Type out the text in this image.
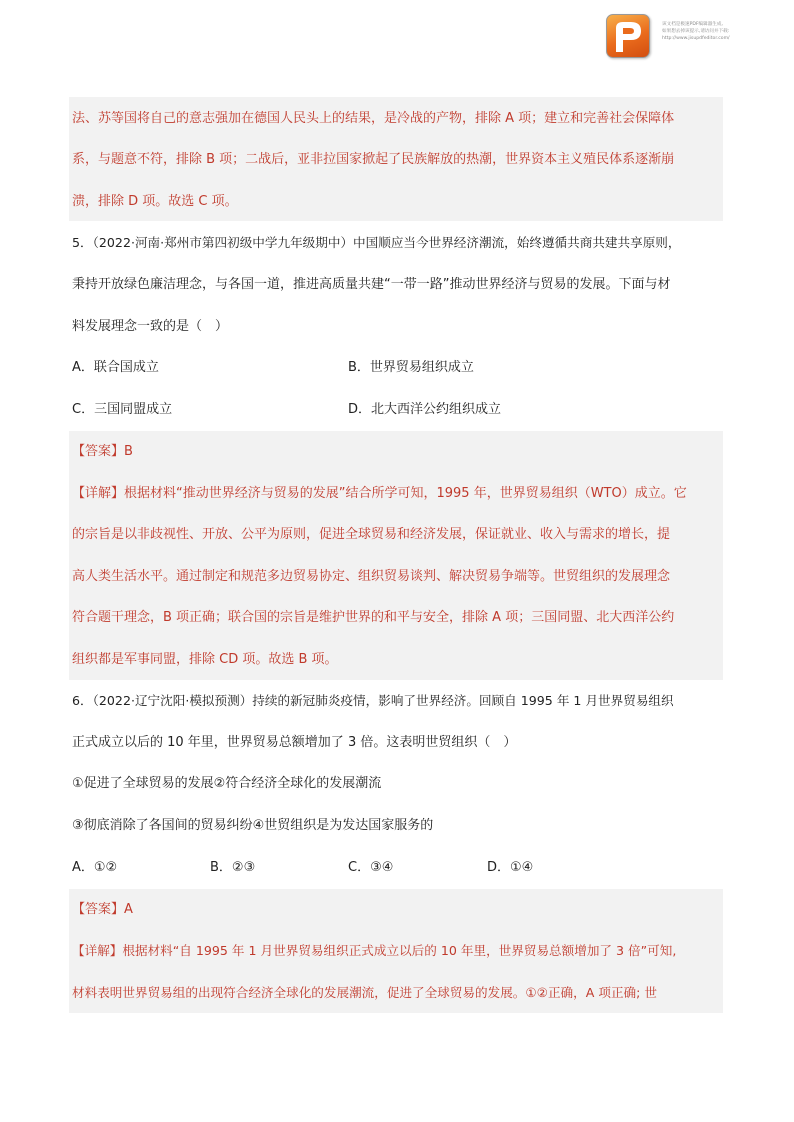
该文档是极速PDF编辑器生成,
如果想去掉该提示,请访问并下载:
http://www.jisupdfeditor.com/
法、苏等国将自己的意志强加在德国人民头上的结果，是冷战的产物，排除 A 项；建立和完善社会保障体
系，与题意不符，排除 B 项；二战后，亚非拉国家掀起了民族解放的热潮，世界资本主义殖民体系逐渐崩
溃，排除 D 项。故选 C 项。
5．（2022·河南·郑州市第四初级中学九年级期中）中国顺应当今世界经济潮流，始终遵循共商共建共享原则，
秉持开放绿色廉洁理念，与各国一道，推进高质量共建“一带一路”推动世界经济与贸易的发展。下面与材
料发展理念一致的是（　）
A．联合国成立	B．世界贸易组织成立
C．三国同盟成立	D．北大西洋公约组织成立
【答案】B
【详解】根据材料“推动世界经济与贸易的发展”结合所学可知，1995 年，世界贸易组织（WTO）成立。它
的宗旨是以非歧视性、开放、公平为原则，促进全球贸易和经济发展，保证就业、收入与需求的增长，提
高人类生活水平。通过制定和规范多边贸易协定、组织贸易谈判、解决贸易争端等。世贸组织的发展理念
符合题干理念，B 项正确；联合国的宗旨是维护世界的和平与安全，排除 A 项；三国同盟、北大西洋公约
组织都是军事同盟，排除 CD 项。故选 B 项。
6．（2022·辽宁沈阳·模拟预测）持续的新冠肺炎疫情，影响了世界经济。回顾自 1995 年 1 月世界贸易组织
正式成立以后的 10 年里，世界贸易总额增加了 3 倍。这表明世贸组织（　）
①促进了全球贸易的发展②符合经济全球化的发展潮流
③彻底消除了各国间的贸易纠纷④世贸组织是为发达国家服务的
A．①②	B．②③	C．③④	D．①④
【答案】A
【详解】根据材料“自 1995 年 1 月世界贸易组织正式成立以后的 10 年里，世界贸易总额增加了 3 倍”可知,
材料表明世界贸易组的出现符合经济全球化的发展潮流，促进了全球贸易的发展。①②正确，A 项正确; 世
